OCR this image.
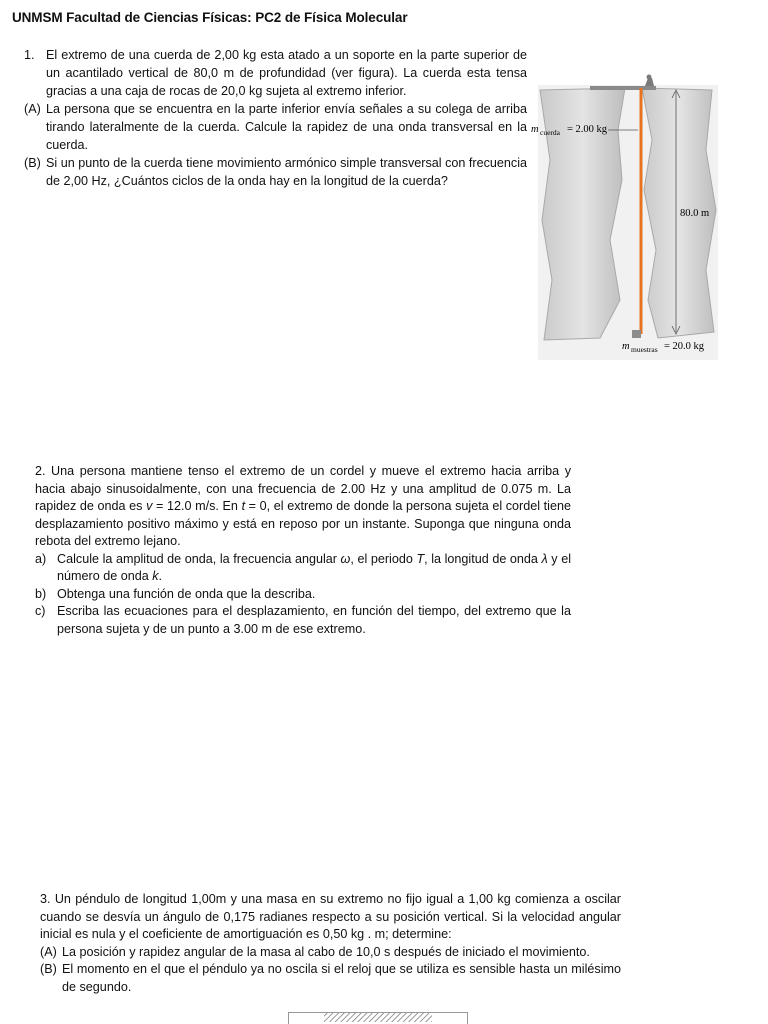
UNMSM Facultad de Ciencias Físicas: PC2 de Física Molecular
1. El extremo de una cuerda de 2,00 kg esta atado a un soporte en la parte superior de un acantilado vertical de 80,0 m de profundidad (ver figura). La cuerda esta tensa gracias a una caja de rocas de 20,0 kg sujeta al extremo inferior.
(A) La persona que se encuentra en la parte inferior envía señales a su colega de arriba tirando lateralmente de la cuerda. Calcule la rapidez de una onda transversal en la cuerda.
(B) Si un punto de la cuerda tiene movimiento armónico simple transversal con frecuencia de 2,00 Hz, ¿Cuántos ciclos de la onda hay en la longitud de la cuerda?
m cuerda = 2.00 kg
80.0 m
m muestras = 20.0 kg
2. Una persona mantiene tenso el extremo de un cordel y mueve el extremo hacia arriba y hacia abajo sinusoidalmente, con una frecuencia de 2.00 Hz y una amplitud de 0.075 m. La rapidez de onda es v = 12.0 m/s. En t = 0, el extremo de donde la persona sujeta el cordel tiene desplazamiento positivo máximo y está en reposo por un instante. Suponga que ninguna onda rebota del extremo lejano.
a) Calcule la amplitud de onda, la frecuencia angular ω, el periodo T, la longitud de onda λ y el número de onda k.
b) Obtenga una función de onda que la describa.
c) Escriba las ecuaciones para el desplazamiento, en función del tiempo, del extremo que la persona sujeta y de un punto a 3.00 m de ese extremo.
3. Un péndulo de longitud 1,00m y una masa en su extremo no fijo igual a 1,00 kg comienza a oscilar cuando se desvía un ángulo de 0,175 radianes respecto a su posición vertical. Si la velocidad angular inicial es nula y el coeficiente de amortiguación es 0,50 kg . m; determine:
(A) La posición y rapidez angular de la masa al cabo de 10,0 s después de iniciado el movimiento.
(B) El momento en el que el péndulo ya no oscila si el reloj que se utiliza es sensible hasta un milésimo de segundo.
